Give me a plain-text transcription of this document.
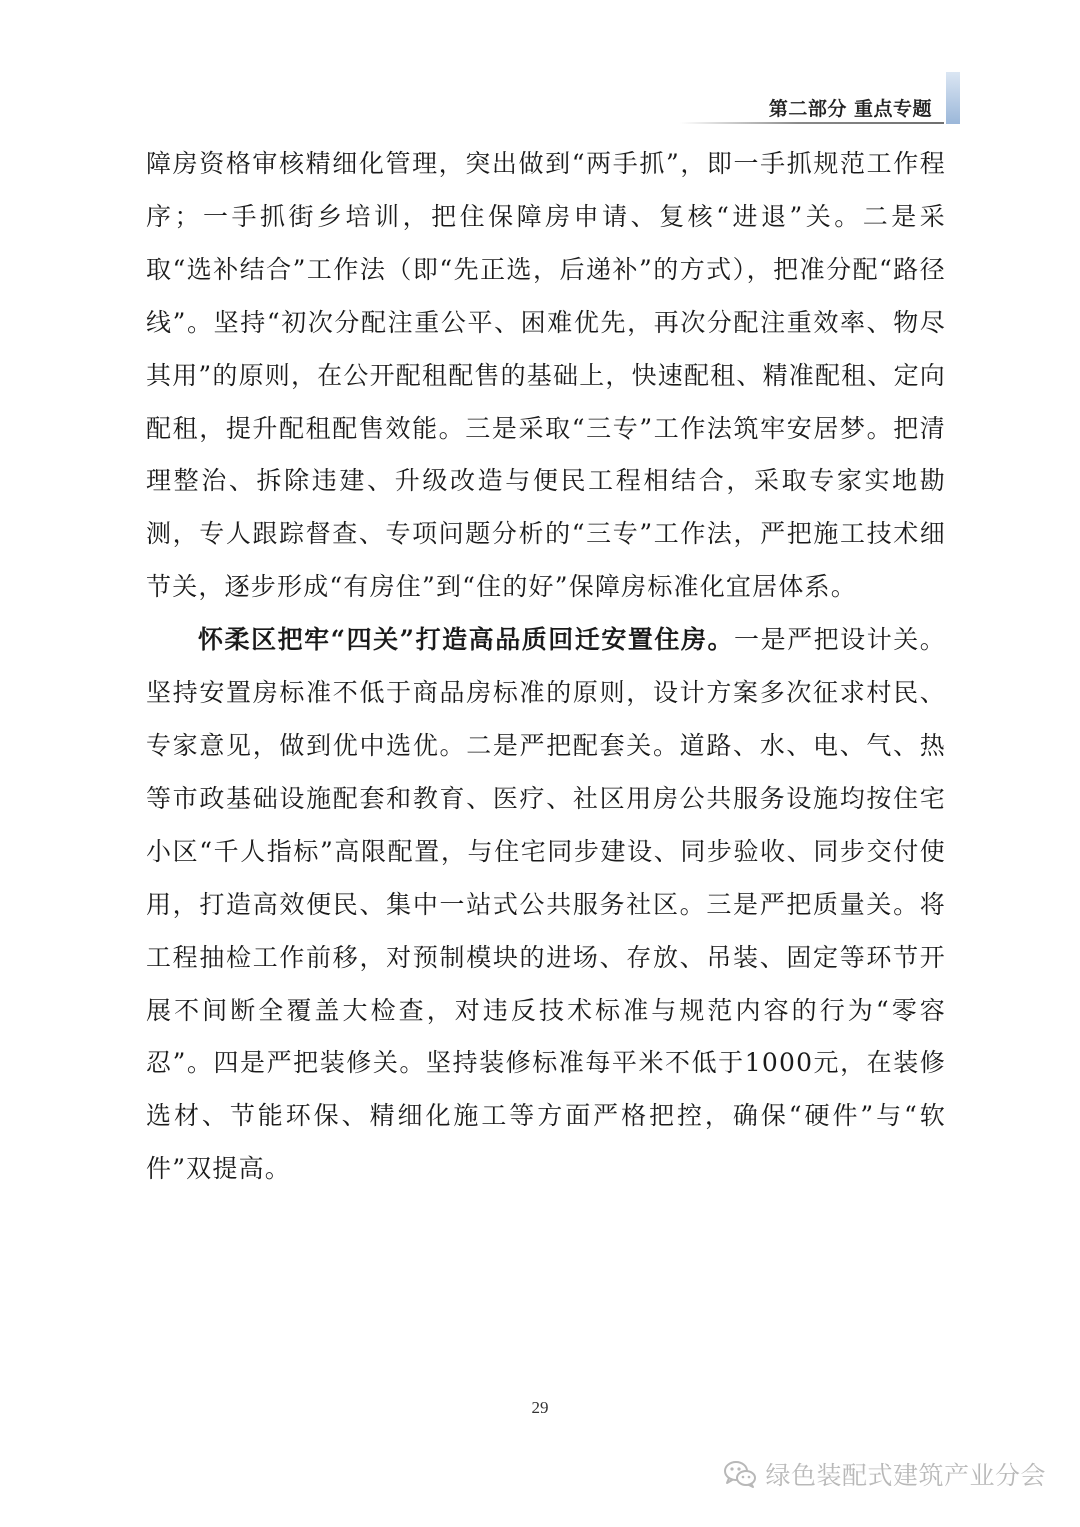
第二部分 重点专题

障房资格审核精细化管理，突出做到“两手抓”，即一手抓规范工作程序；一手抓街乡培训，把住保障房申请、复核“进退”关。二是采取“选补结合”工作法（即“先正选，后递补”的方式），把准分配“路径线”。坚持“初次分配注重公平、困难优先，再次分配注重效率、物尽其用”的原则，在公开配租配售的基础上，快速配租、精准配租、定向配租，提升配租配售效能。三是采取“三专”工作法筑牢安居梦。把清理整治、拆除违建、升级改造与便民工程相结合，采取专家实地勘测，专人跟踪督查、专项问题分析的“三专”工作法，严把施工技术细节关，逐步形成“有房住”到“住的好”保障房标准化宜居体系。

怀柔区把牢“四关”打造高品质回迁安置住房。一是严把设计关。坚持安置房标准不低于商品房标准的原则，设计方案多次征求村民、专家意见，做到优中选优。二是严把配套关。道路、水、电、气、热等市政基础设施配套和教育、医疗、社区用房公共服务设施均按住宅小区“千人指标”高限配置，与住宅同步建设、同步验收、同步交付使用，打造高效便民、集中一站式公共服务社区。三是严把质量关。将工程抽检工作前移，对预制模块的进场、存放、吊装、固定等环节开展不间断全覆盖大检查，对违反技术标准与规范内容的行为“零容忍”。四是严把装修关。坚持装修标准每平米不低于1000元，在装修选材、节能环保、精细化施工等方面严格把控，确保“硬件”与“软件”双提高。

29
绿色装配式建筑产业分会
